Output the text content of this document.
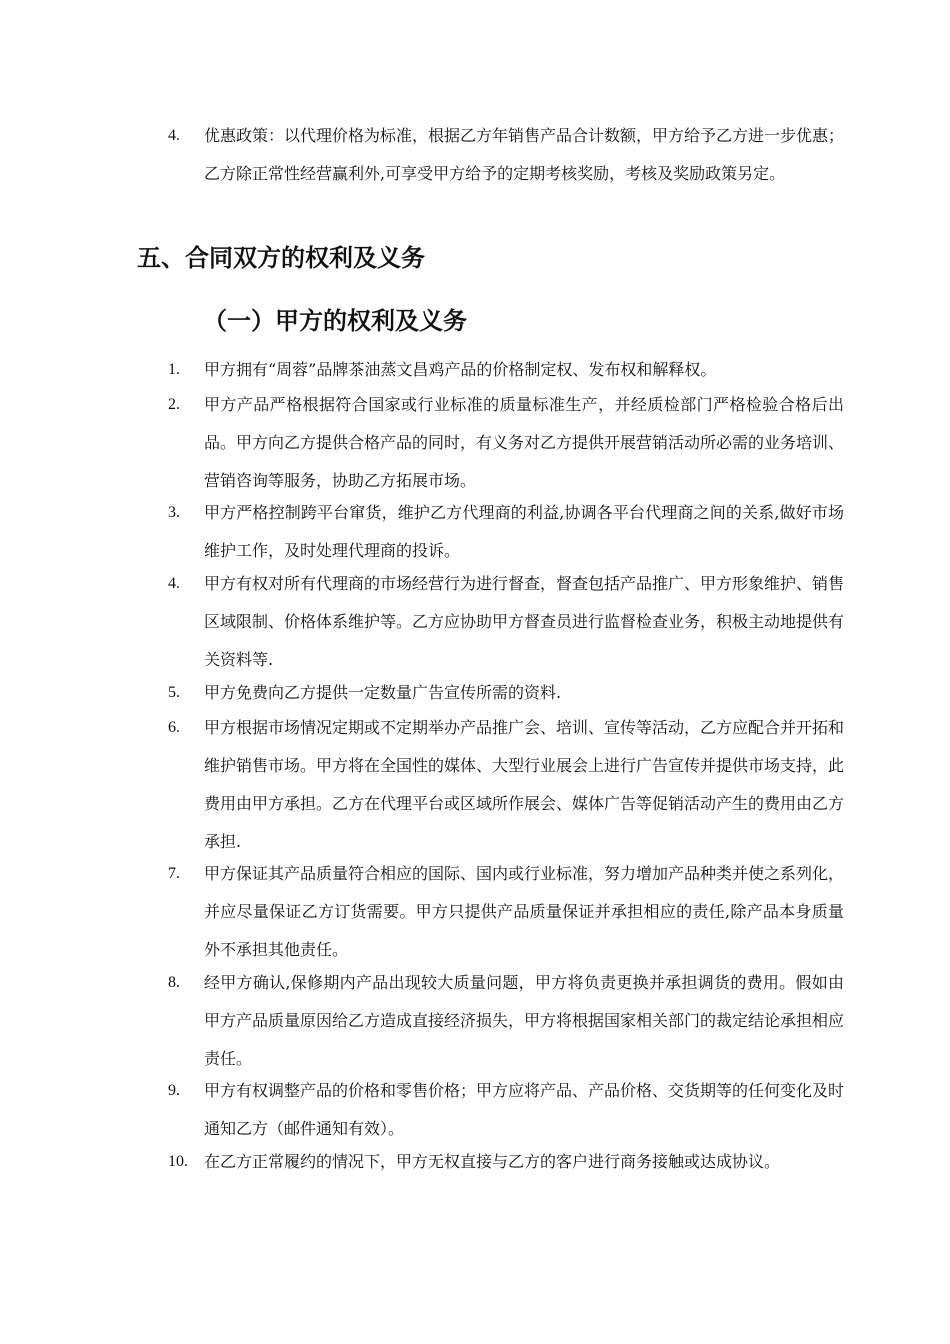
4.	优惠政策：以代理价格为标准，根据乙方年销售产品合计数额，甲方给予乙方进一步优惠；乙方除正常性经营赢利外,可享受甲方给予的定期考核奖励，考核及奖励政策另定。
五、合同双方的权利及义务
（一）甲方的权利及义务
1.	甲方拥有“周蓉”品牌茶油蒸文昌鸡产品的价格制定权、发布权和解释权。
2.	甲方产品严格根据符合国家或行业标准的质量标准生产，并经质检部门严格检验合格后出品。甲方向乙方提供合格产品的同时，有义务对乙方提供开展营销活动所必需的业务培训、营销咨询等服务，协助乙方拓展市场。
3.	甲方严格控制跨平台窜货，维护乙方代理商的利益,协调各平台代理商之间的关系,做好市场维护工作，及时处理代理商的投诉。
4.	甲方有权对所有代理商的市场经营行为进行督查，督查包括产品推广、甲方形象维护、销售区域限制、价格体系维护等。乙方应协助甲方督查员进行监督检查业务，积极主动地提供有关资料等.
5.	甲方免费向乙方提供一定数量广告宣传所需的资料.
6.	甲方根据市场情况定期或不定期举办产品推广会、培训、宣传等活动，乙方应配合并开拓和维护销售市场。甲方将在全国性的媒体、大型行业展会上进行广告宣传并提供市场支持，此费用由甲方承担。乙方在代理平台或区域所作展会、媒体广告等促销活动产生的费用由乙方承担.
7.	甲方保证其产品质量符合相应的国际、国内或行业标准，努力增加产品种类并使之系列化，并应尽量保证乙方订货需要。甲方只提供产品质量保证并承担相应的责任,除产品本身质量外不承担其他责任。
8.	经甲方确认,保修期内产品出现较大质量问题，甲方将负责更换并承担调货的费用。假如由甲方产品质量原因给乙方造成直接经济损失，甲方将根据国家相关部门的裁定结论承担相应责任。
9.	甲方有权调整产品的价格和零售价格；甲方应将产品、产品价格、交货期等的任何变化及时通知乙方（邮件通知有效）。
10.	在乙方正常履约的情况下，甲方无权直接与乙方的客户进行商务接触或达成协议。
